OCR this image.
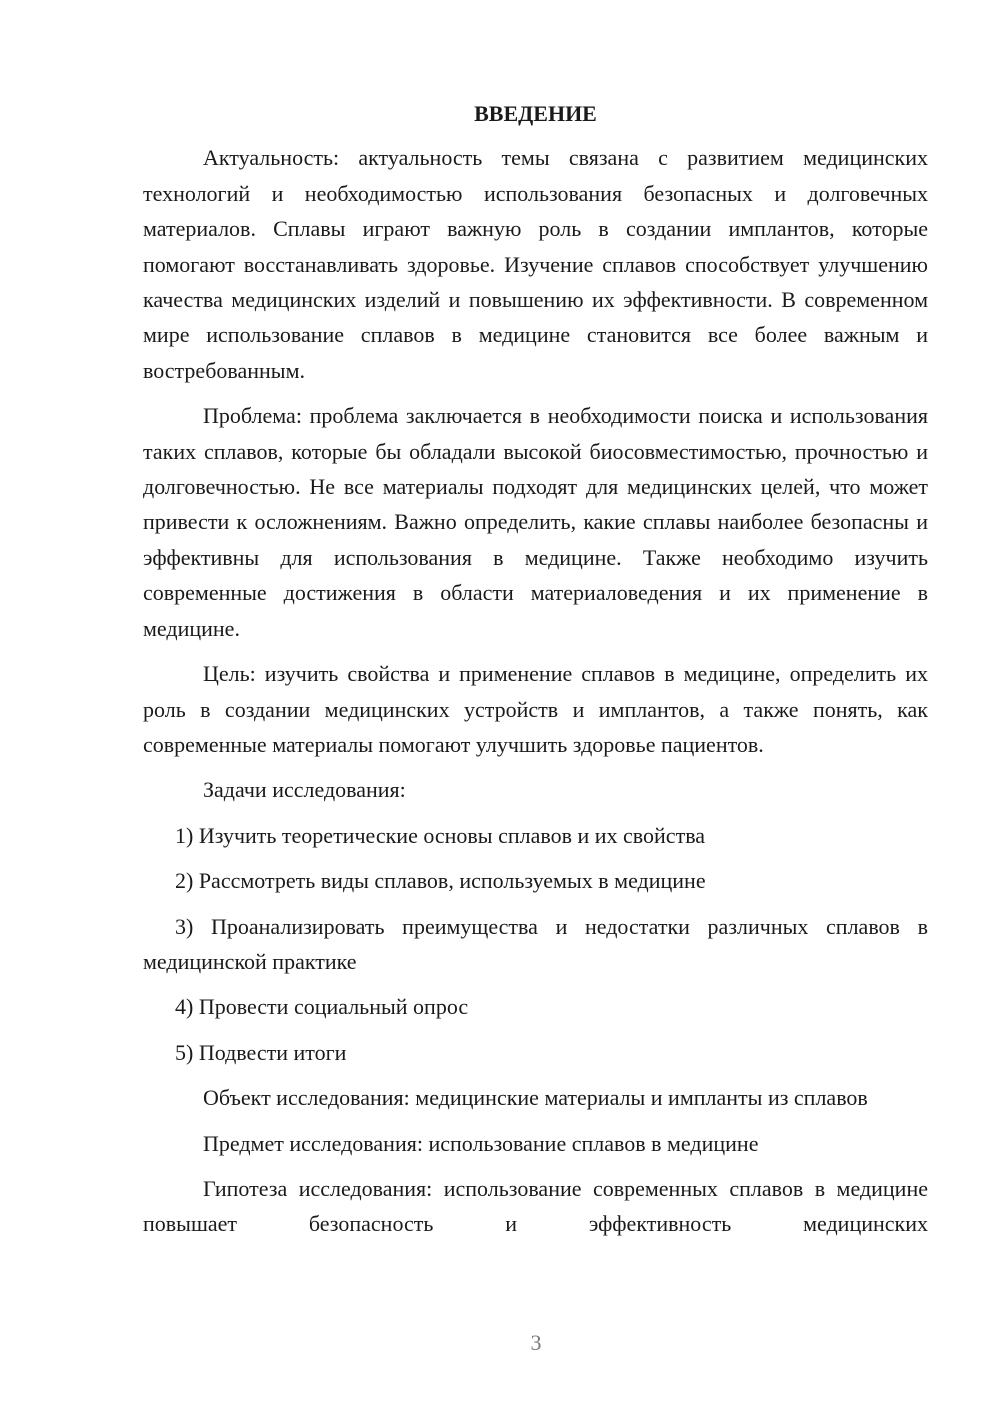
ВВЕДЕНИЕ

Актуальность: актуальность темы связана с развитием медицинских технологий и необходимостью использования безопасных и долговечных материалов. Сплавы играют важную роль в создании имплантов, которые помогают восстанавливать здоровье. Изучение сплавов способствует улучшению качества медицинских изделий и повышению их эффективности. В современном мире использование сплавов в медицине становится все более важным и востребованным.

Проблема: проблема заключается в необходимости поиска и использования таких сплавов, которые бы обладали высокой биосовместимостью, прочностью и долговечностью. Не все материалы подходят для медицинских целей, что может привести к осложнениям. Важно определить, какие сплавы наиболее безопасны и эффективны для использования в медицине. Также необходимо изучить современные достижения в области материаловедения и их применение в медицине.

Цель: изучить свойства и применение сплавов в медицине, определить их роль в создании медицинских устройств и имплантов, а также понять, как современные материалы помогают улучшить здоровье пациентов.

Задачи исследования:

1) Изучить теоретические основы сплавов и их свойства

2) Рассмотреть виды сплавов, используемых в медицине

3) Проанализировать преимущества и недостатки различных сплавов в медицинской практике

4) Провести социальный опрос

5) Подвести итоги

Объект исследования: медицинские материалы и импланты из сплавов

Предмет исследования: использование сплавов в медицине

Гипотеза исследования: использование современных сплавов в медицине повышает безопасность и эффективность медицинских

3
